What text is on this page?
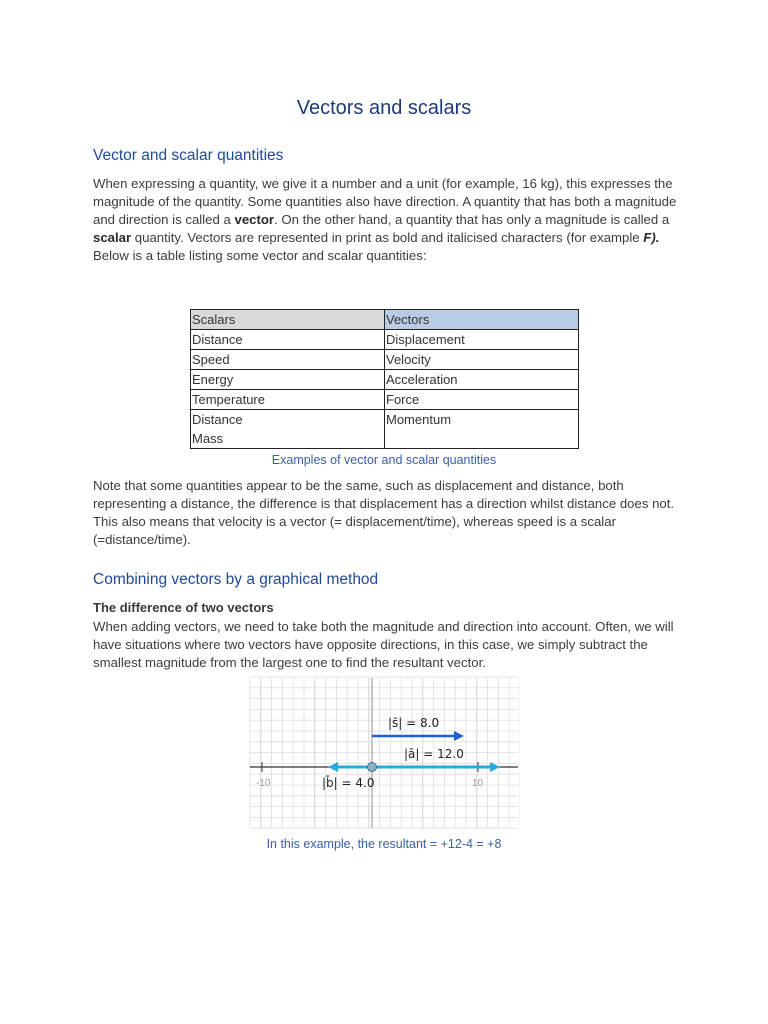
Vectors and scalars
Vector and scalar quantities
When expressing a quantity, we give it a number and a unit (for example, 16 kg), this expresses the magnitude of the quantity. Some quantities also have direction. A quantity that has both a magnitude and direction is called a vector. On the other hand, a quantity that has only a magnitude is called a scalar quantity. Vectors are represented in print as bold and italicised characters (for example F). Below is a table listing some vector and scalar quantities:
Scalars	Vectors
Distance	Displacement
Speed	Velocity
Energy	Acceleration
Temperature	Force
Distance	Momentum
Mass	
Examples of vector and scalar quantities
Note that some quantities appear to be the same, such as displacement and distance, both representing a distance, the difference is that displacement has a direction whilst distance does not. This also means that velocity is a vector (= displacement/time), whereas speed is a scalar (=distance/time).
Combining vectors by a graphical method
The difference of two vectors
When adding vectors, we need to take both the magnitude and direction into account. Often, we will have situations where two vectors have opposite directions, in this case, we simply subtract the smallest magnitude from the largest one to find the resultant vector.
-10	10
|s̄| = 8.0
|ā| = 12.0
|b̄| = 4.0
In this example, the resultant = +12-4 = +8
